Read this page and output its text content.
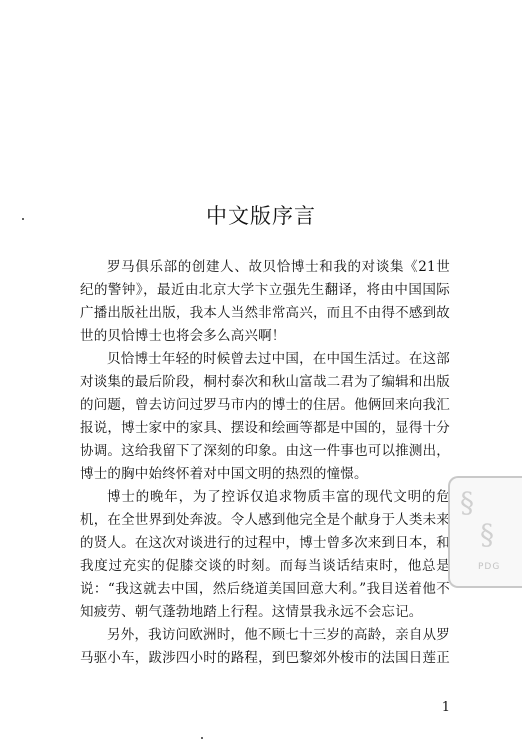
中文版序言

罗马俱乐部的创建人、故贝恰博士和我的对谈集《21世纪的警钟》，最近由北京大学卞立强先生翻译，将由中国国际广播出版社出版，我本人当然非常高兴，而且不由得不感到故世的贝恰博士也将会多么高兴啊！

贝恰博士年轻的时候曾去过中国，在中国生活过。在这部对谈集的最后阶段，桐村泰次和秋山富哉二君为了编辑和出版的问题，曾去访问过罗马市内的博士的住居。他俩回来向我汇报说，博士家中的家具、摆设和绘画等都是中国的，显得十分协调。这给我留下了深刻的印象。由这一件事也可以推测出，博士的胸中始终怀着对中国文明的热烈的憧憬。

博士的晚年，为了控诉仅追求物质丰富的现代文明的危机，在全世界到处奔波。令人感到他完全是个献身于人类未来的贤人。在这次对谈进行的过程中，博士曾多次来到日本，和我度过充实的促膝交谈的时刻。而每当谈话结束时，他总是说：“我这就去中国，然后绕道美国回意大利。”我目送着他不知疲劳、朝气蓬勃地踏上行程。这情景我永远不会忘记。

另外，我访问欧洲时，他不顾七十三岁的高龄，亲自从罗马驱小车，跋涉四小时的路程，到巴黎郊外梭市的法国日莲正

§
§
PDG
1
